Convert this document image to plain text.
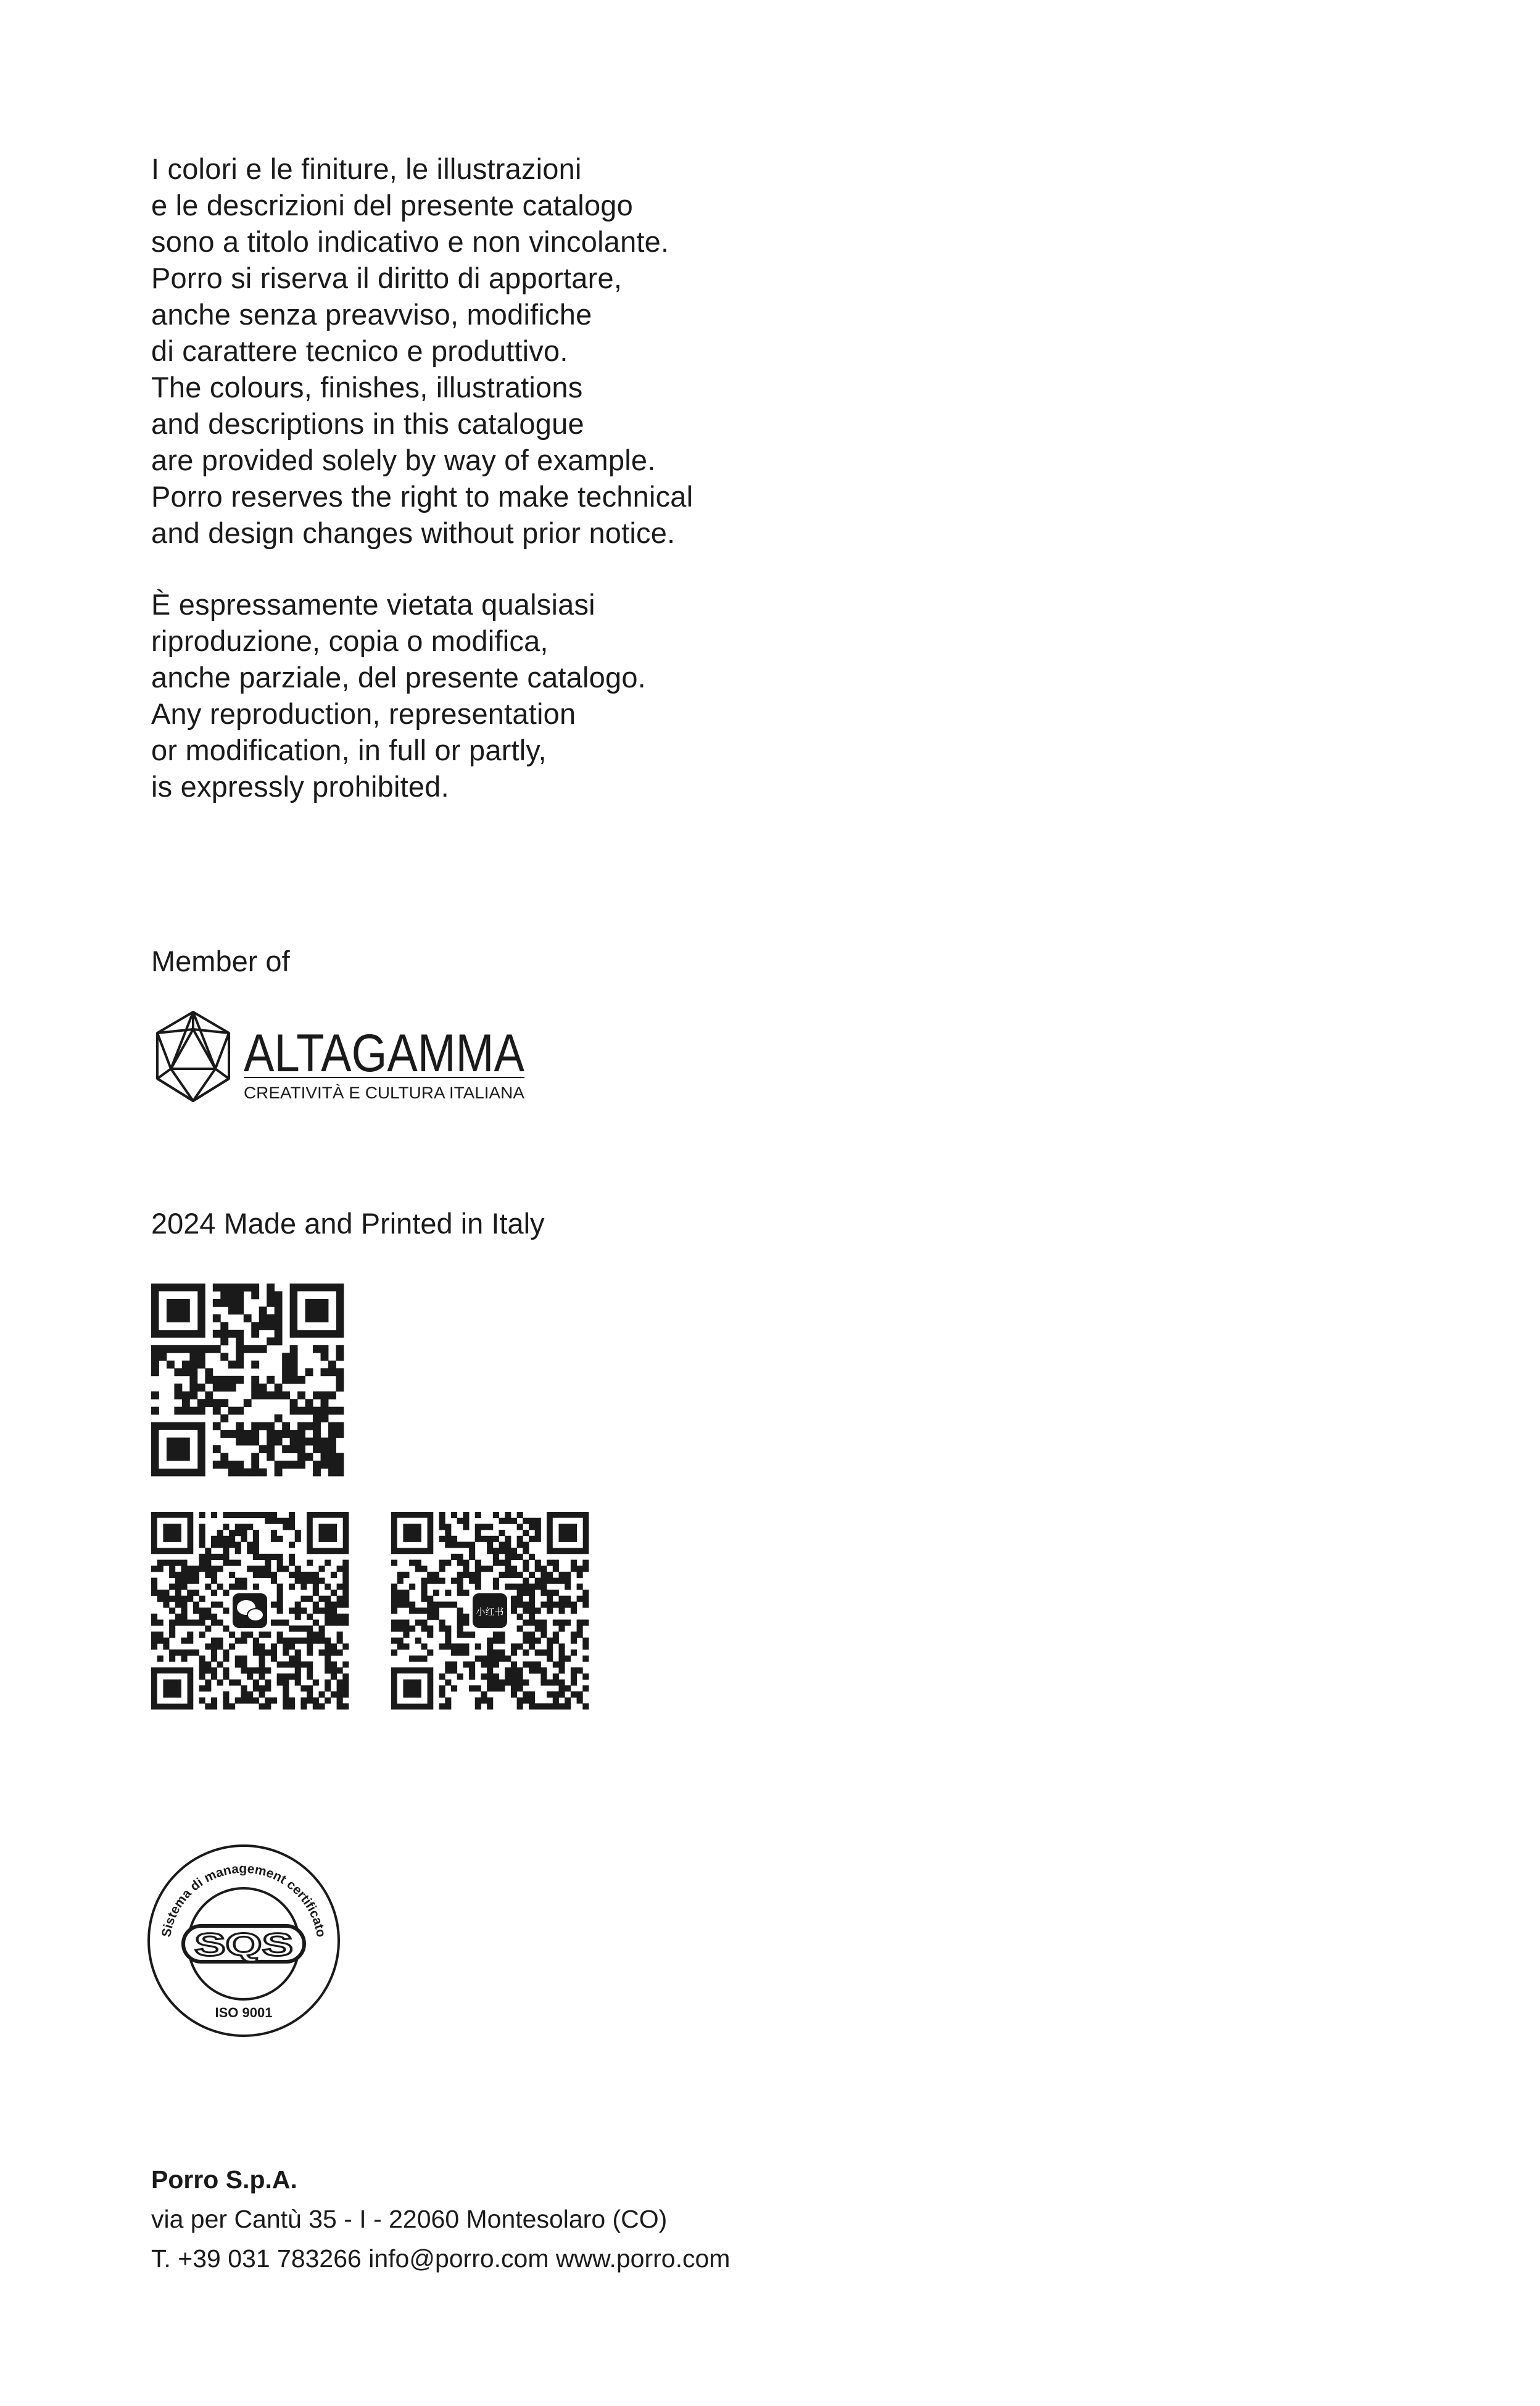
I colori e le finiture, le illustrazioni
e le descrizioni del presente catalogo
sono a titolo indicativo e non vincolante.
Porro si riserva il diritto di apportare,
anche senza preavviso, modifiche
di carattere tecnico e produttivo.
The colours, finishes, illustrations
and descriptions in this catalogue
are provided solely by way of example.
Porro reserves the right to make technical
and design changes without prior notice.
È espressamente vietata qualsiasi
riproduzione, copia o modifica,
anche parziale, del presente catalogo.
Any reproduction, representation
or modification, in full or partly,
is expressly prohibited.
Member of
ALTAGAMMA
CREATIVITÀ E CULTURA ITALIANA
2024 Made and Printed in Italy
小红书
Sistema di management certificato
SQS
ISO 9001
Porro S.p.A.
via per Cantù 35 - I - 22060 Montesolaro (CO)
T. +39 031 783266 info@porro.com www.porro.com
